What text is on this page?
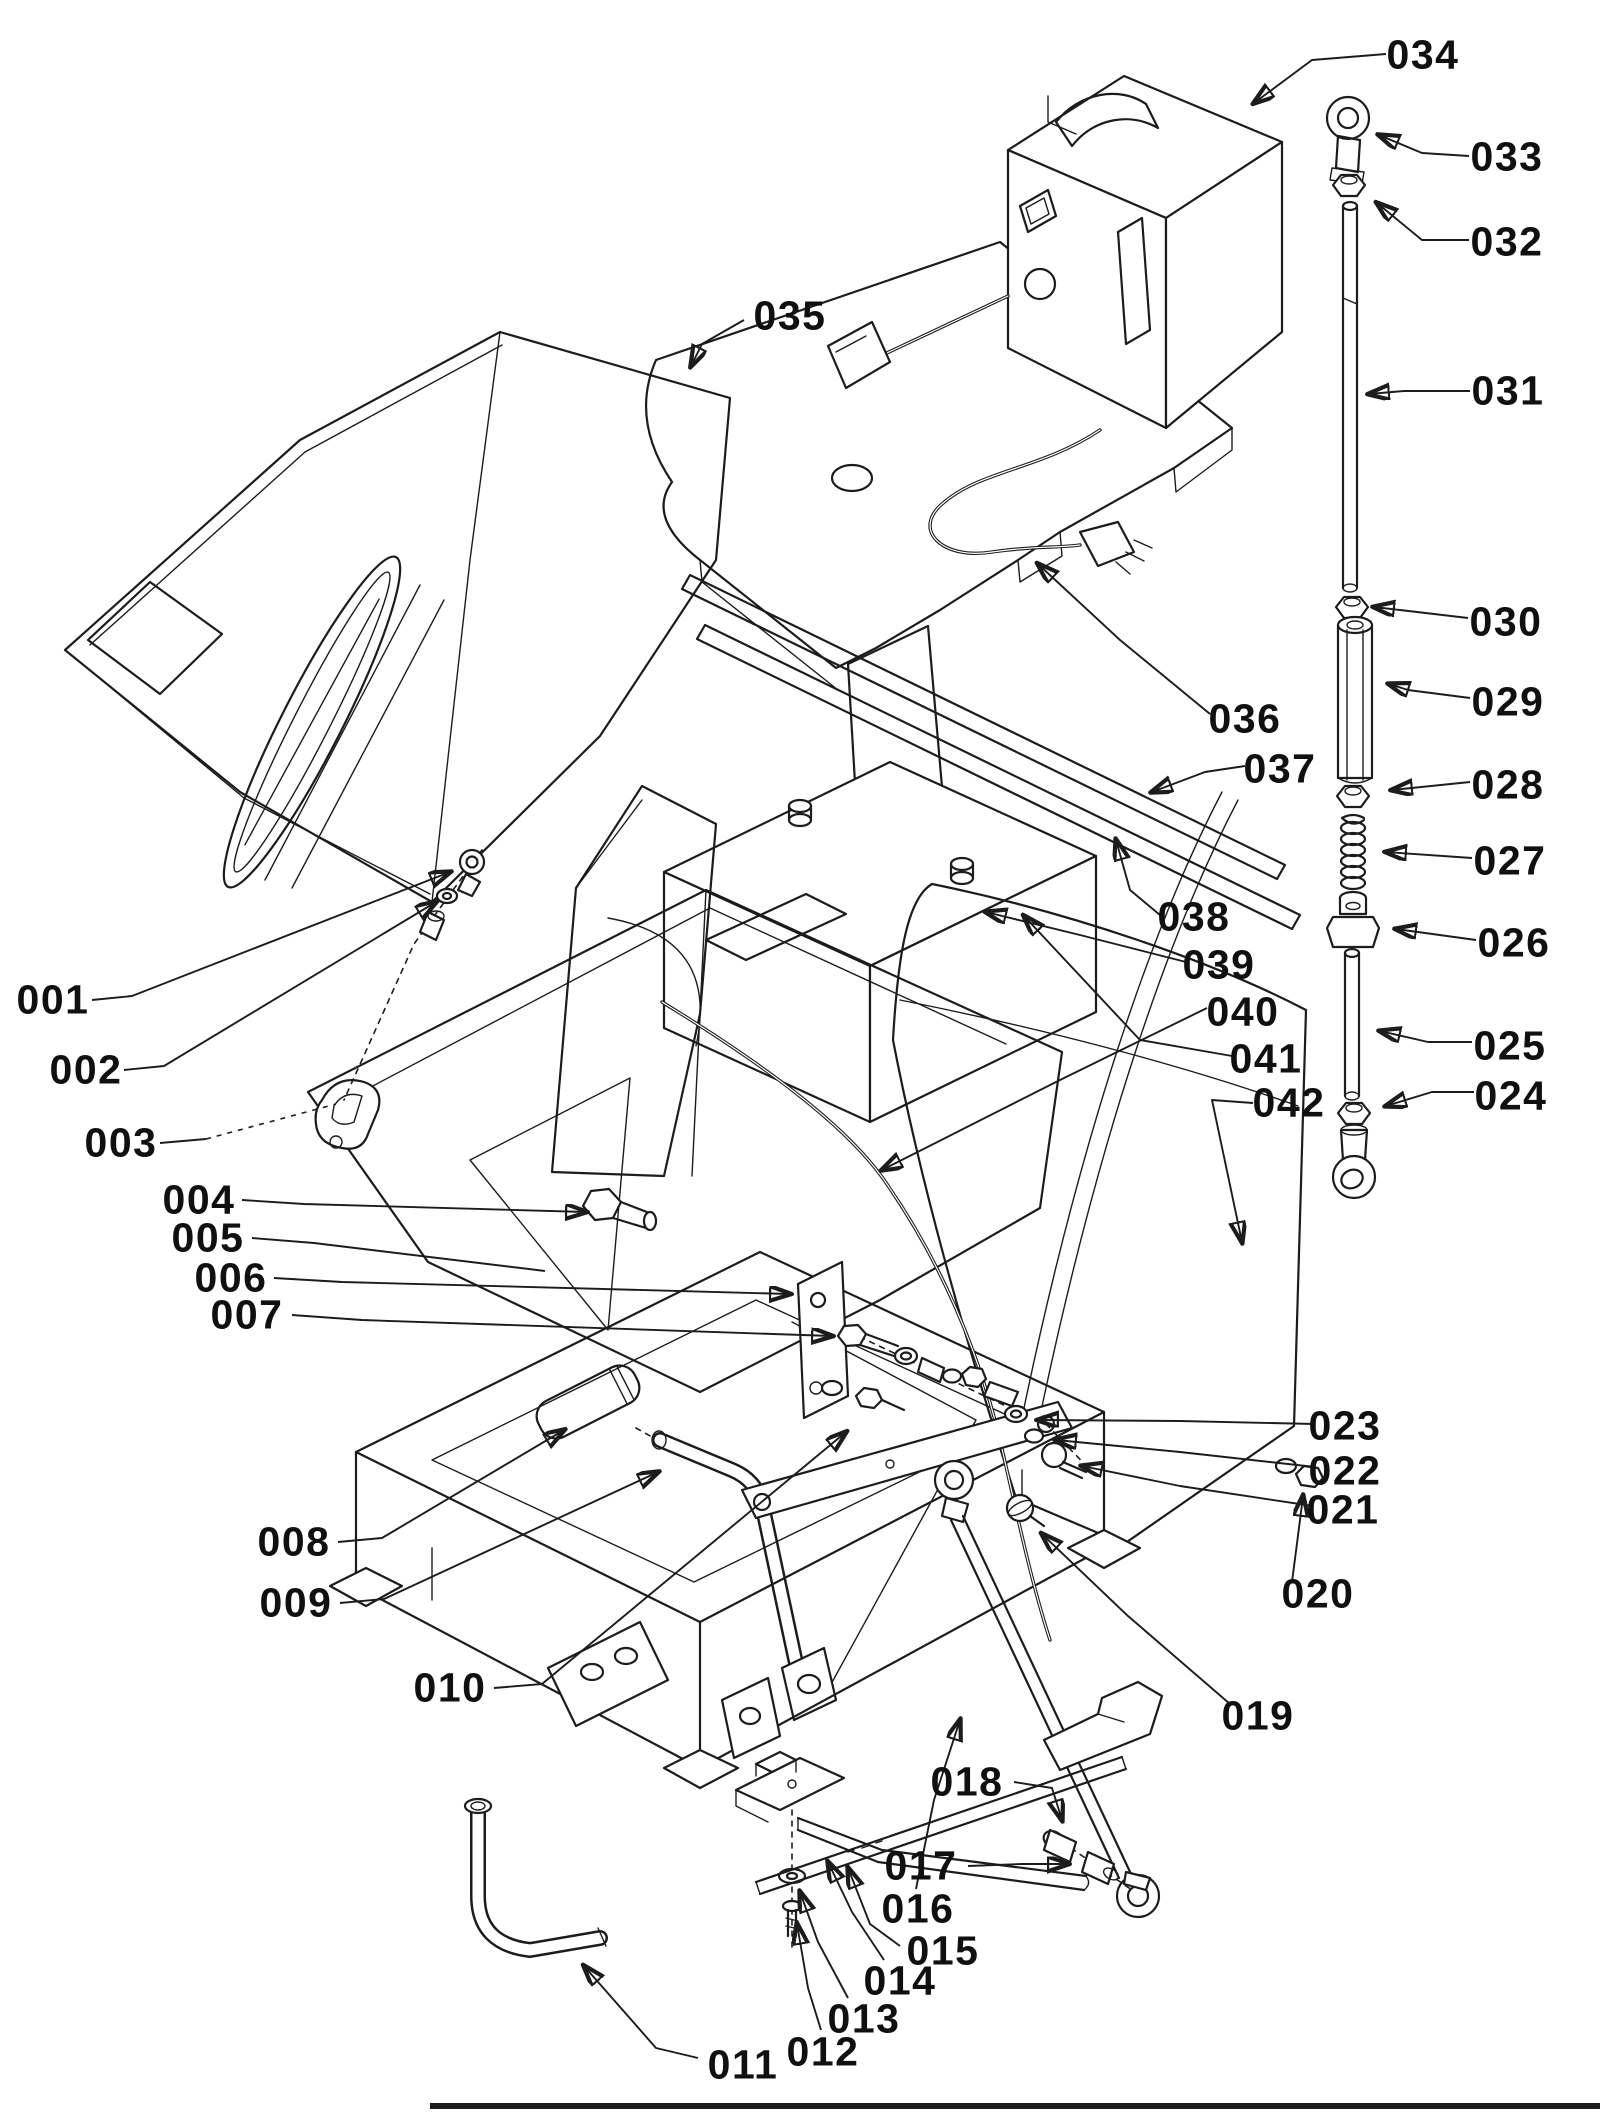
001
002
003
004
005
006
007
008
009
010
011 012
013
014
015
016
017
018
019
020
021
022
023
024
025
026
027
028
029
030
031
032
033
034
035
036
037
038
039
040
041
042
